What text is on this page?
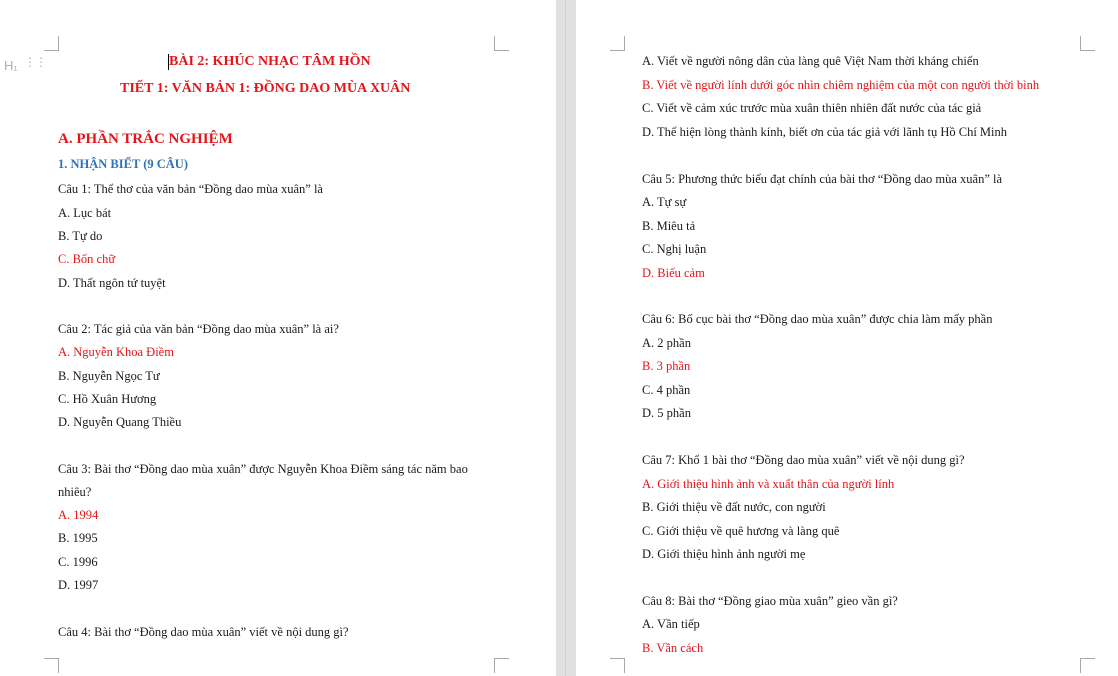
H₁ ⋮⋮	BÀI 2: KHÚC NHẠC TÂM HỒN
TIẾT 1: VĂN BẢN 1: ĐỒNG DAO MÙA XUÂN
A. PHẦN TRẮC NGHIỆM
1. NHẬN BIẾT (9 CÂU)
Câu 1: Thể thơ của văn bản “Đồng dao mùa xuân” là
A. Lục bát
B. Tự do
C. Bốn chữ
D. Thất ngôn tứ tuyệt
Câu 2: Tác giả của văn bản “Đồng dao mùa xuân” là ai?
A. Nguyễn Khoa Điềm
B. Nguyễn Ngọc Tư
C. Hồ Xuân Hương
D. Nguyễn Quang Thiều
Câu 3: Bài thơ “Đồng dao mùa xuân” được Nguyễn Khoa Điềm sáng tác năm bao
nhiêu?
A. 1994
B. 1995
C. 1996
D. 1997
Câu 4: Bài thơ “Đồng dao mùa xuân” viết về nội dung gì?
A. Viết về người nông dân của làng quê Việt Nam thời kháng chiến
B. Viết về người lính dưới góc nhìn chiêm nghiệm của một con người thời bình
C. Viết về cảm xúc trước mùa xuân thiên nhiên đất nước của tác giả
D. Thể hiện lòng thành kính, biết ơn của tác giả với lãnh tụ Hồ Chí Minh
Câu 5: Phương thức biểu đạt chính của bài thơ “Đồng dao mùa xuân” là
A. Tự sự
B. Miêu tả
C. Nghị luận
D. Biểu cảm
Câu 6: Bố cục bài thơ “Đồng dao mùa xuân” được chia làm mấy phần
A. 2 phần
B. 3 phần
C. 4 phần
D. 5 phần
Câu 7: Khổ 1 bài thơ “Đồng dao mùa xuân” viết về nội dung gì?
A. Giới thiệu hình ảnh và xuất thân của người lính
B. Giới thiệu về đất nước, con người
C. Giới thiệu về quê hương và làng quê
D. Giới thiệu hình ảnh người mẹ
Câu 8: Bài thơ “Đồng giao mùa xuân” gieo vần gì?
A. Vần tiếp
B. Vần cách
